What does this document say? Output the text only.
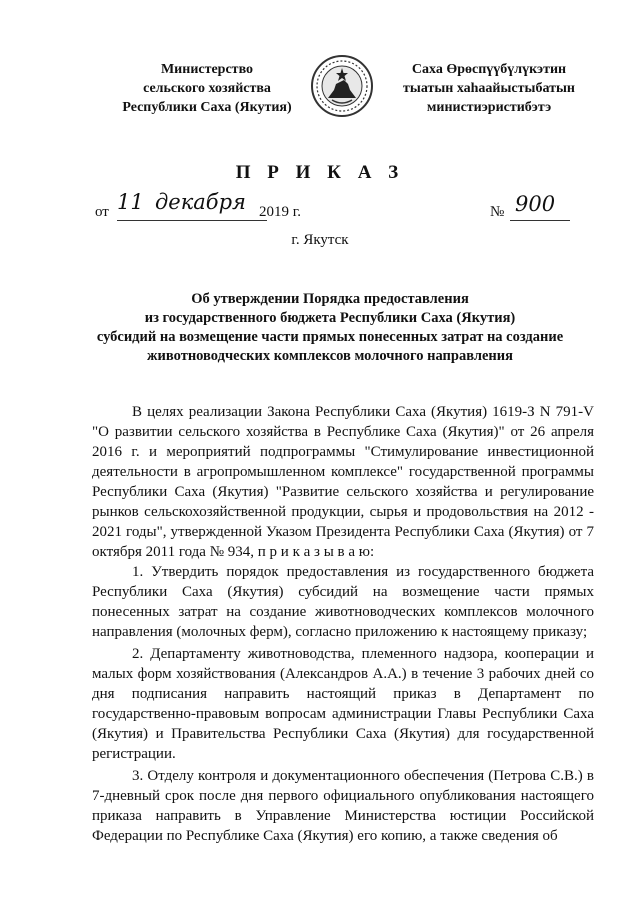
Министерство
сельского хозяйства
Республики Саха (Якутия)
Саха Өрөспүүбүлүкэтин
тыатын хаһаайыстыбатын
министиэристибэтэ
П Р И К А З
от 11 декабря 2019 г.	№ 900
г. Якутск
Об утверждении Порядка предоставления
из государственного бюджета Республики Саха (Якутия)
субсидий на возмещение части прямых понесенных затрат на создание
животноводческих комплексов молочного направления

В целях реализации Закона Республики Саха (Якутия) 1619-З N 791-V "О развитии сельского хозяйства в Республике Саха (Якутия)" от 26 апреля 2016 г. и мероприятий подпрограммы "Стимулирование инвестиционной деятельности в агропромышленном комплексе" государственной программы Республики Саха (Якутия) "Развитие сельского хозяйства и регулирование рынков сельскохозяйственной продукции, сырья и продовольствия на 2012 - 2021 годы", утвержденной Указом Президента Республики Саха (Якутия) от 7 октября 2011 года № 934, п р и к а з ы в а ю:

1. Утвердить порядок предоставления из государственного бюджета Республики Саха (Якутия) субсидий на возмещение части прямых понесенных затрат на создание животноводческих комплексов молочного направления (молочных ферм), согласно приложению к настоящему приказу;

2. Департаменту животноводства, племенного надзора, кооперации и малых форм хозяйствования (Александров А.А.) в течение 3 рабочих дней со дня подписания направить настоящий приказ в Департамент по государственно-правовым вопросам администрации Главы Республики Саха (Якутия) и Правительства Республики Саха (Якутия) для государственной регистрации.

3. Отделу контроля и документационного обеспечения (Петрова С.В.) в 7-дневный срок после дня первого официального опубликования настоящего приказа направить в Управление Министерства юстиции Российской Федерации по Республике Саха (Якутия) его копию, а также сведения об
